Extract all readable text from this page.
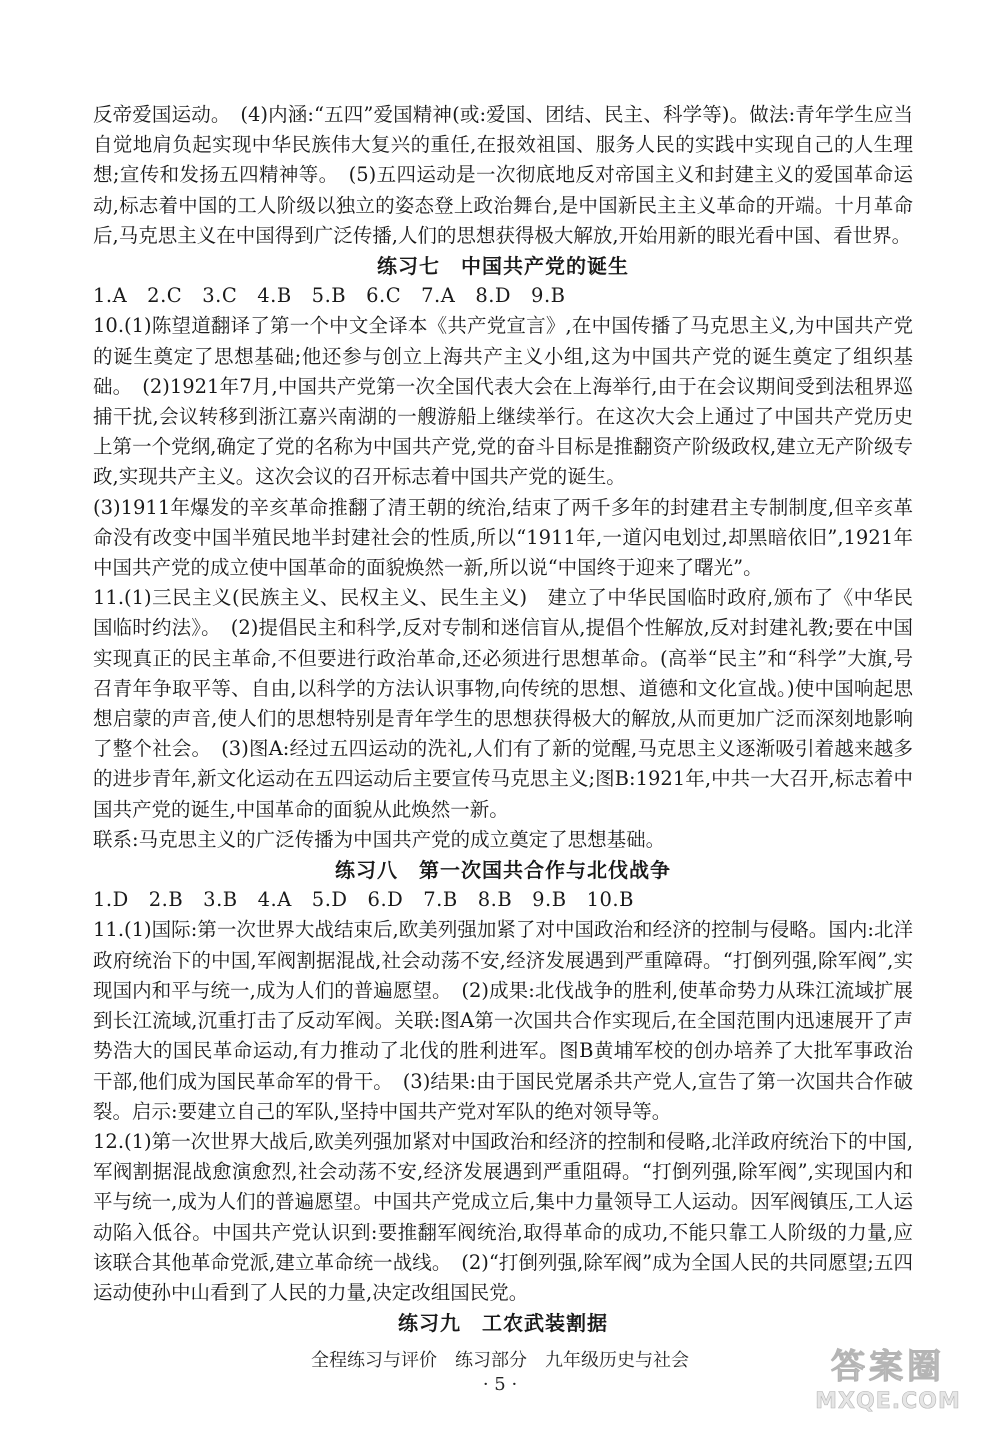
反帝爱国运动。　(4)内涵:“五四”爱国精神(或:爱国、团结、民主、科学等)。做法:青年学生应当自觉地肩负起实现中华民族伟大复兴的重任,在报效祖国、服务人民的实践中实现自己的人生理想;宣传和发扬五四精神等。　(5)五四运动是一次彻底地反对帝国主义和封建主义的爱国革命运动,标志着中国的工人阶级以独立的姿态登上政治舞台,是中国新民主主义革命的开端。十月革命后,马克思主义在中国得到广泛传播,人们的思想获得极大解放,开始用新的眼光看中国、看世界。

练习七　中国共产党的诞生

1.A　2.C　3.C　4.B　5.B　6.C　7.A　8.D　9.B

10.(1)陈望道翻译了第一个中文全译本《共产党宣言》,在中国传播了马克思主义,为中国共产党的诞生奠定了思想基础;他还参与创立上海共产主义小组,这为中国共产党的诞生奠定了组织基础。　(2)1921年7月,中国共产党第一次全国代表大会在上海举行,由于在会议期间受到法租界巡捕干扰,会议转移到浙江嘉兴南湖的一艘游船上继续举行。在这次大会上通过了中国共产党历史上第一个党纲,确定了党的名称为中国共产党,党的奋斗目标是推翻资产阶级政权,建立无产阶级专政,实现共产主义。这次会议的召开标志着中国共产党的诞生。

(3)1911年爆发的辛亥革命推翻了清王朝的统治,结束了两千多年的封建君主专制制度,但辛亥革命没有改变中国半殖民地半封建社会的性质,所以“1911年,一道闪电划过,却黑暗依旧”,1921年中国共产党的成立使中国革命的面貌焕然一新,所以说“中国终于迎来了曙光”。

11.(1)三民主义(民族主义、民权主义、民生主义)　建立了中华民国临时政府,颁布了《中华民国临时约法》。　(2)提倡民主和科学,反对专制和迷信盲从,提倡个性解放,反对封建礼教;要在中国实现真正的民主革命,不但要进行政治革命,还必须进行思想革命。(高举“民主”和“科学”大旗,号召青年争取平等、自由,以科学的方法认识事物,向传统的思想、道德和文化宣战。)使中国响起思想启蒙的声音,使人们的思想特别是青年学生的思想获得极大的解放,从而更加广泛而深刻地影响了整个社会。　(3)图A:经过五四运动的洗礼,人们有了新的觉醒,马克思主义逐渐吸引着越来越多的进步青年,新文化运动在五四运动后主要宣传马克思主义;图B:1921年,中共一大召开,标志着中国共产党的诞生,中国革命的面貌从此焕然一新。

联系:马克思主义的广泛传播为中国共产党的成立奠定了思想基础。

练习八　第一次国共合作与北伐战争

1.D　2.B　3.B　4.A　5.D　6.D　7.B　8.B　9.B　10.B

11.(1)国际:第一次世界大战结束后,欧美列强加紧了对中国政治和经济的控制与侵略。国内:北洋政府统治下的中国,军阀割据混战,社会动荡不安,经济发展遇到严重障碍。“打倒列强,除军阀”,实现国内和平与统一,成为人们的普遍愿望。　(2)成果:北伐战争的胜利,使革命势力从珠江流域扩展到长江流域,沉重打击了反动军阀。关联:图A第一次国共合作实现后,在全国范围内迅速展开了声势浩大的国民革命运动,有力推动了北伐的胜利进军。图B黄埔军校的创办培养了大批军事政治干部,他们成为国民革命军的骨干。　(3)结果:由于国民党屠杀共产党人,宣告了第一次国共合作破裂。启示:要建立自己的军队,坚持中国共产党对军队的绝对领导等。

12.(1)第一次世界大战后,欧美列强加紧对中国政治和经济的控制和侵略,北洋政府统治下的中国,军阀割据混战愈演愈烈,社会动荡不安,经济发展遇到严重阻碍。“打倒列强,除军阀”,实现国内和平与统一,成为人们的普遍愿望。中国共产党成立后,集中力量领导工人运动。因军阀镇压,工人运动陷入低谷。中国共产党认识到:要推翻军阀统治,取得革命的成功,不能只靠工人阶级的力量,应该联合其他革命党派,建立革命统一战线。　(2)“打倒列强,除军阀”成为全国人民的共同愿望;五四运动使孙中山看到了人民的力量,决定改组国民党。

练习九　工农武装割据

全程练习与评价　练习部分　九年级历史与社会
· 5 ·	答案圈
MXQE.COM
